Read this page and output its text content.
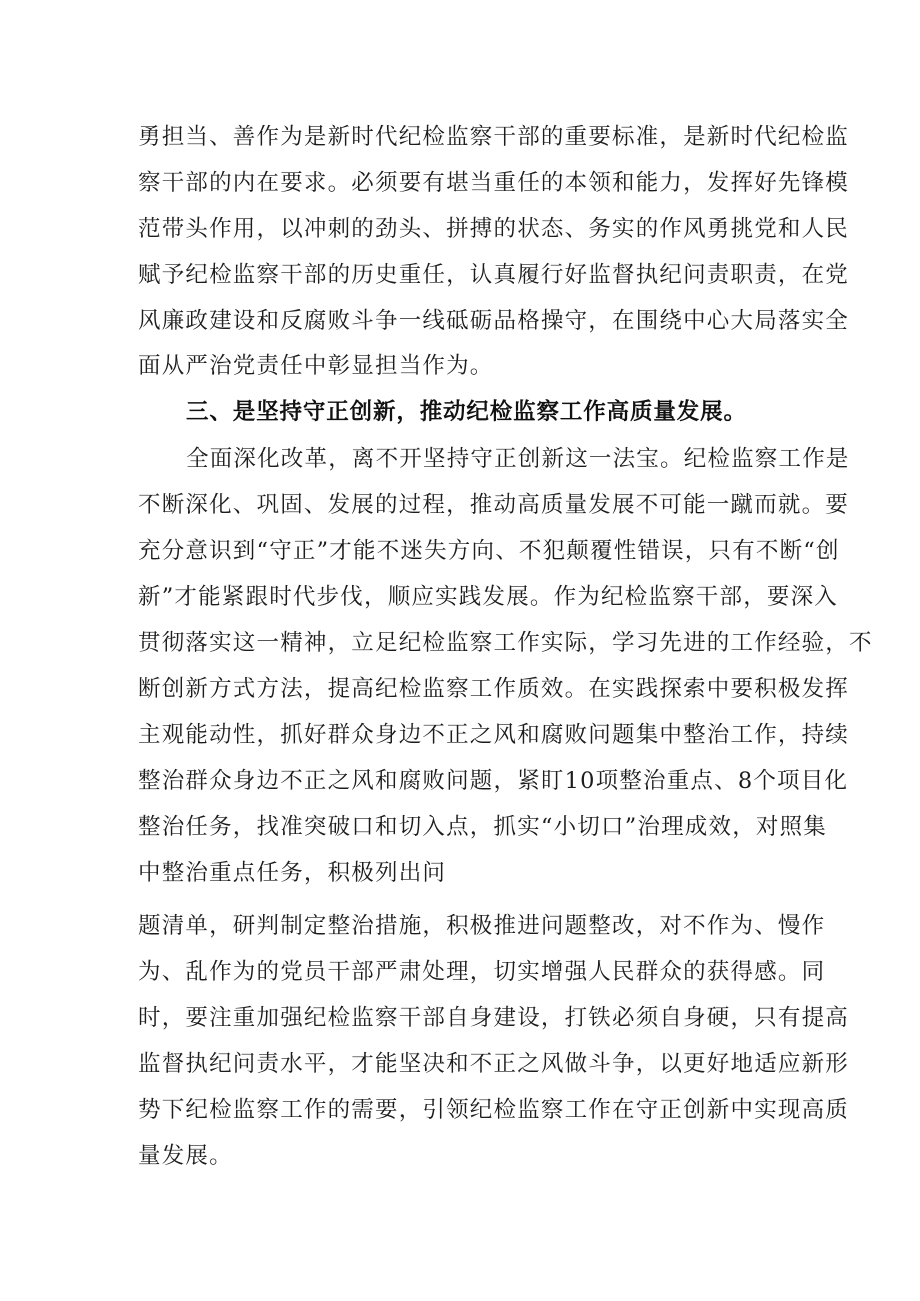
勇担当、善作为是新时代纪检监察干部的重要标准，是新时代纪检监
察干部的内在要求。必须要有堪当重任的本领和能力，发挥好先锋模
范带头作用，以冲刺的劲头、拼搏的状态、务实的作风勇挑党和人民
赋予纪检监察干部的历史重任，认真履行好监督执纪问责职责，在党
风廉政建设和反腐败斗争一线砥砺品格操守，在围绕中心大局落实全
面从严治党责任中彰显担当作为。
三、是坚持守正创新，推动纪检监察工作高质量发展。
全面深化改革，离不开坚持守正创新这一法宝。纪检监察工作是
不断深化、巩固、发展的过程，推动高质量发展不可能一蹴而就。要
充分意识到“守正”才能不迷失方向、不犯颠覆性错误，只有不断“创
新”才能紧跟时代步伐，顺应实践发展。作为纪检监察干部，要深入
贯彻落实这一精神，立足纪检监察工作实际，学习先进的工作经验，不
断创新方式方法，提高纪检监察工作质效。在实践探索中要积极发挥
主观能动性，抓好群众身边不正之风和腐败问题集中整治工作，持续
整治群众身边不正之风和腐败问题，紧盯10项整治重点、8个项目化
整治任务，找准突破口和切入点，抓实“小切口”治理成效，对照集
中整治重点任务，积极列出问
题清单，研判制定整治措施，积极推进问题整改，对不作为、慢作
为、乱作为的党员干部严肃处理，切实增强人民群众的获得感。同
时，要注重加强纪检监察干部自身建设，打铁必须自身硬，只有提高
监督执纪问责水平，才能坚决和不正之风做斗争，以更好地适应新形
势下纪检监察工作的需要，引领纪检监察工作在守正创新中实现高质
量发展。
